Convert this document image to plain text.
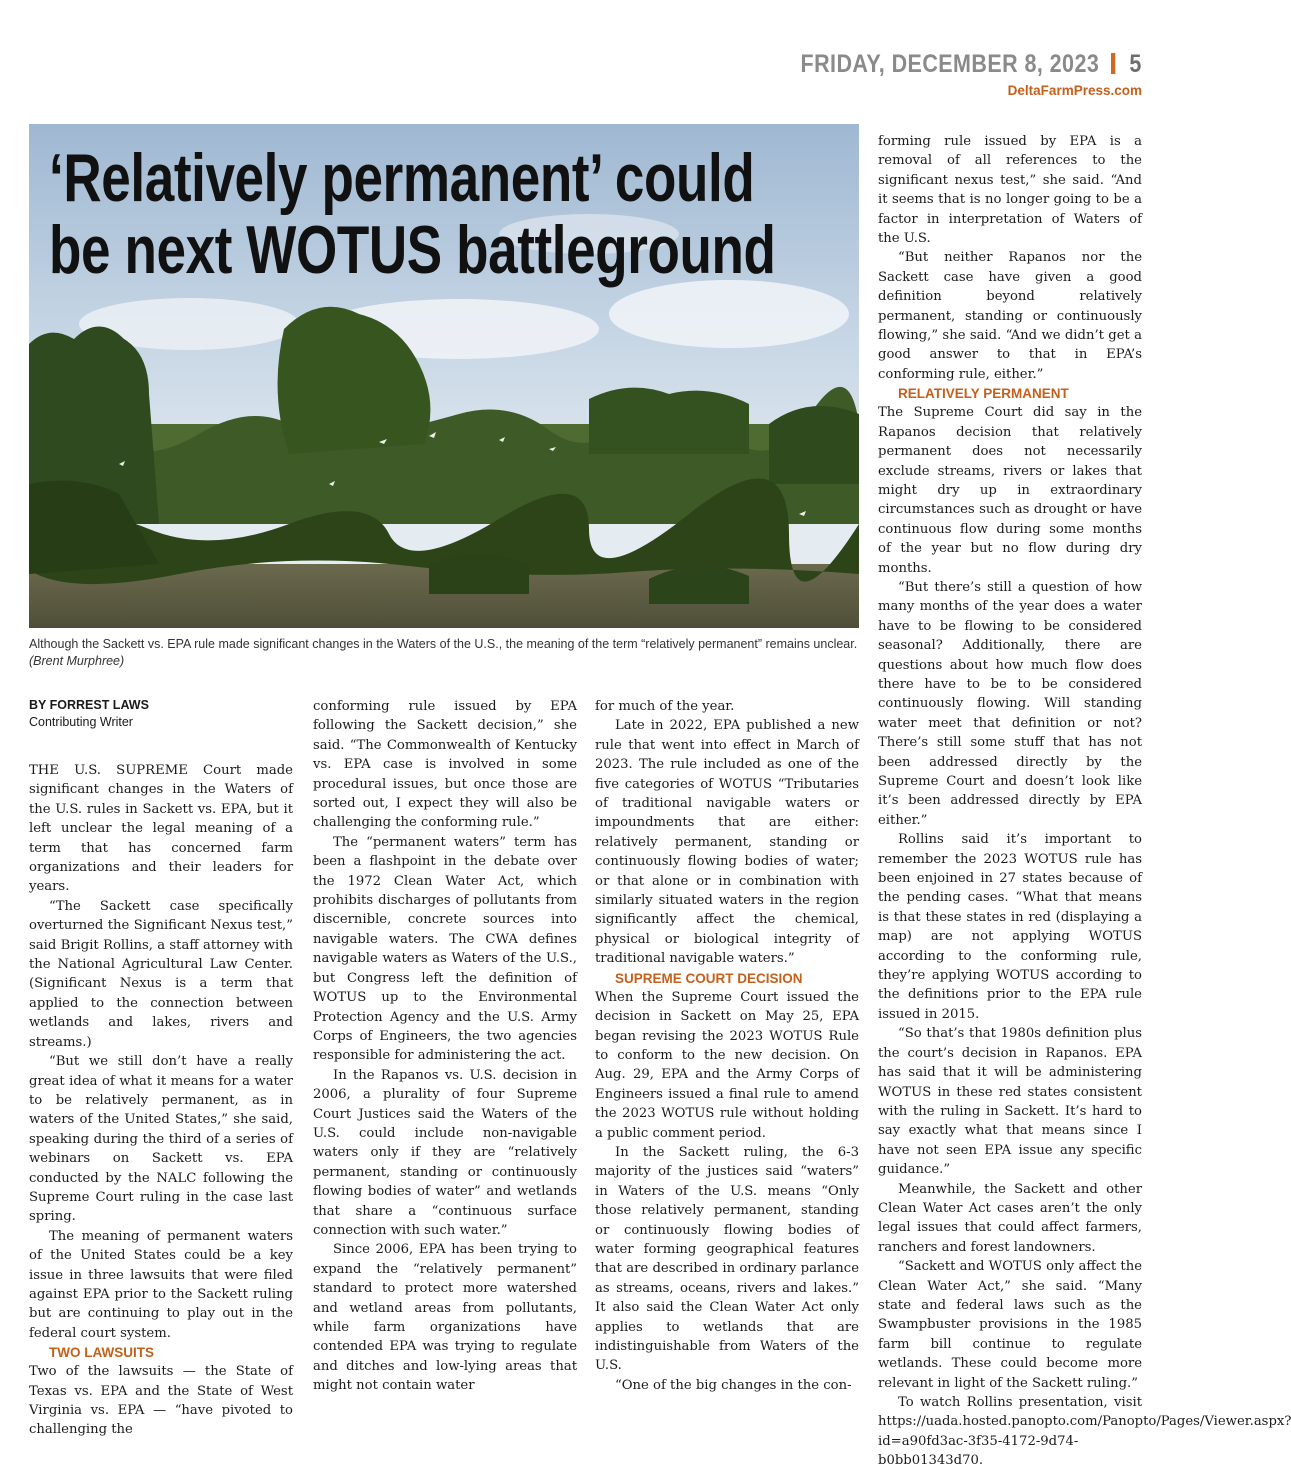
FRIDAY, DECEMBER 8, 2023 5
DeltaFarmPress.com
‘Relatively permanent’ could
be next WOTUS battleground
Although the Sackett vs. EPA rule made significant changes in the Waters of the U.S., the meaning of the term “relatively permanent” remains unclear.
(Brent Murphree)

BY FORREST LAWS

Contributing Writer

THE U.S. SUPREME Court made significant changes in the Waters of the U.S. rules in Sackett vs. EPA, but it left unclear the legal meaning of a term that has concerned farm organizations and their leaders for years.

“The Sackett case specifically overturned the Significant Nexus test,” said Brigit Rollins, a staff attorney with the National Agricultural Law Center. (Significant Nexus is a term that applied to the connection between wetlands and lakes, rivers and streams.)

“But we still don’t have a really great idea of what it means for a water to be relatively permanent, as in waters of the United States,” she said, speaking during the third of a series of webinars on Sackett vs. EPA conducted by the NALC following the Supreme Court ruling in the case last spring.

The meaning of permanent waters of the United States could be a key issue in three lawsuits that were filed against EPA prior to the Sackett ruling but are continuing to play out in the federal court system.

TWO LAWSUITS

Two of the lawsuits — the State of Texas vs. EPA and the State of West Virginia vs. EPA — “have pivoted to challenging the

conforming rule issued by EPA following the Sackett decision,” she said. “The Commonwealth of Kentucky vs. EPA case is involved in some procedural issues, but once those are sorted out, I expect they will also be challenging the conforming rule.”

The “permanent waters” term has been a flashpoint in the debate over the 1972 Clean Water Act, which prohibits discharges of pollutants from discernible, concrete sources into navigable waters. The CWA defines navigable waters as Waters of the U.S., but Congress left the definition of WOTUS up to the Environmental Protection Agency and the U.S. Army Corps of Engineers, the two agencies responsible for administering the act.

In the Rapanos vs. U.S. decision in 2006, a plurality of four Supreme Court Justices said the Waters of the U.S. could include non-navigable waters only if they are “relatively permanent, standing or continuously flowing bodies of water” and wetlands that share a “continuous surface connection with such water.”

Since 2006, EPA has been trying to expand the “relatively permanent” standard to protect more watershed and wetland areas from pollutants, while farm organizations have contended EPA was trying to regulate and ditches and low-lying areas that might not contain water

for much of the year.

Late in 2022, EPA published a new rule that went into effect in March of 2023. The rule included as one of the five categories of WOTUS “Tributaries of traditional navigable waters or impoundments that are either: relatively permanent, standing or continuously flowing bodies of water; or that alone or in combination with similarly situated waters in the region significantly affect the chemical, physical or biological integrity of traditional navigable waters.”

SUPREME COURT DECISION

When the Supreme Court issued the decision in Sackett on May 25, EPA began revising the 2023 WOTUS Rule to conform to the new decision. On Aug. 29, EPA and the Army Corps of Engineers issued a final rule to amend the 2023 WOTUS rule without holding a public comment period.

In the Sackett ruling, the 6-3 majority of the justices said “waters” in Waters of the U.S. means “Only those relatively permanent, standing or continuously flowing bodies of water forming geographical features that are described in ordinary parlance as streams, oceans, rivers and lakes.” It also said the Clean Water Act only applies to wetlands that are indistinguishable from Waters of the U.S.

“One of the big changes in the con-

forming rule issued by EPA is a removal of all references to the significant nexus test,” she said. “And it seems that is no longer going to be a factor in interpretation of Waters of the U.S.

“But neither Rapanos nor the Sackett case have given a good definition beyond relatively permanent, standing or continuously flowing,” she said. “And we didn’t get a good answer to that in EPA’s conforming rule, either.”

RELATIVELY PERMANENT

The Supreme Court did say in the Rapanos decision that relatively permanent does not necessarily exclude streams, rivers or lakes that might dry up in extraordinary circumstances such as drought or have continuous flow during some months of the year but no flow during dry months.

“But there’s still a question of how many months of the year does a water have to be flowing to be considered seasonal? Additionally, there are questions about how much flow does there have to be to be considered continuously flowing. Will standing water meet that definition or not? There’s still some stuff that has not been addressed directly by the Supreme Court and doesn’t look like it’s been addressed directly by EPA either.”

Rollins said it’s important to remember the 2023 WOTUS rule has been enjoined in 27 states because of the pending cases. “What that means is that these states in red (displaying a map) are not applying WOTUS according to the conforming rule, they’re applying WOTUS according to the definitions prior to the EPA rule issued in 2015.

“So that’s that 1980s definition plus the court’s decision in Rapanos. EPA has said that it will be administering WOTUS in these red states consistent with the ruling in Sackett. It’s hard to say exactly what that means since I have not seen EPA issue any specific guidance.”

Meanwhile, the Sackett and other Clean Water Act cases aren’t the only legal issues that could affect farmers, ranchers and forest landowners.

“Sackett and WOTUS only affect the Clean Water Act,” she said. “Many state and federal laws such as the Swampbuster provisions in the 1985 farm bill continue to regulate wetlands. These could become more relevant in light of the Sackett ruling.”

To watch Rollins presentation, visit https://uada.hosted.panopto.com/Panopto/Pages/Viewer.aspx?id=a90fd3ac-3f35-4172-9d74-b0bb01343d70.
